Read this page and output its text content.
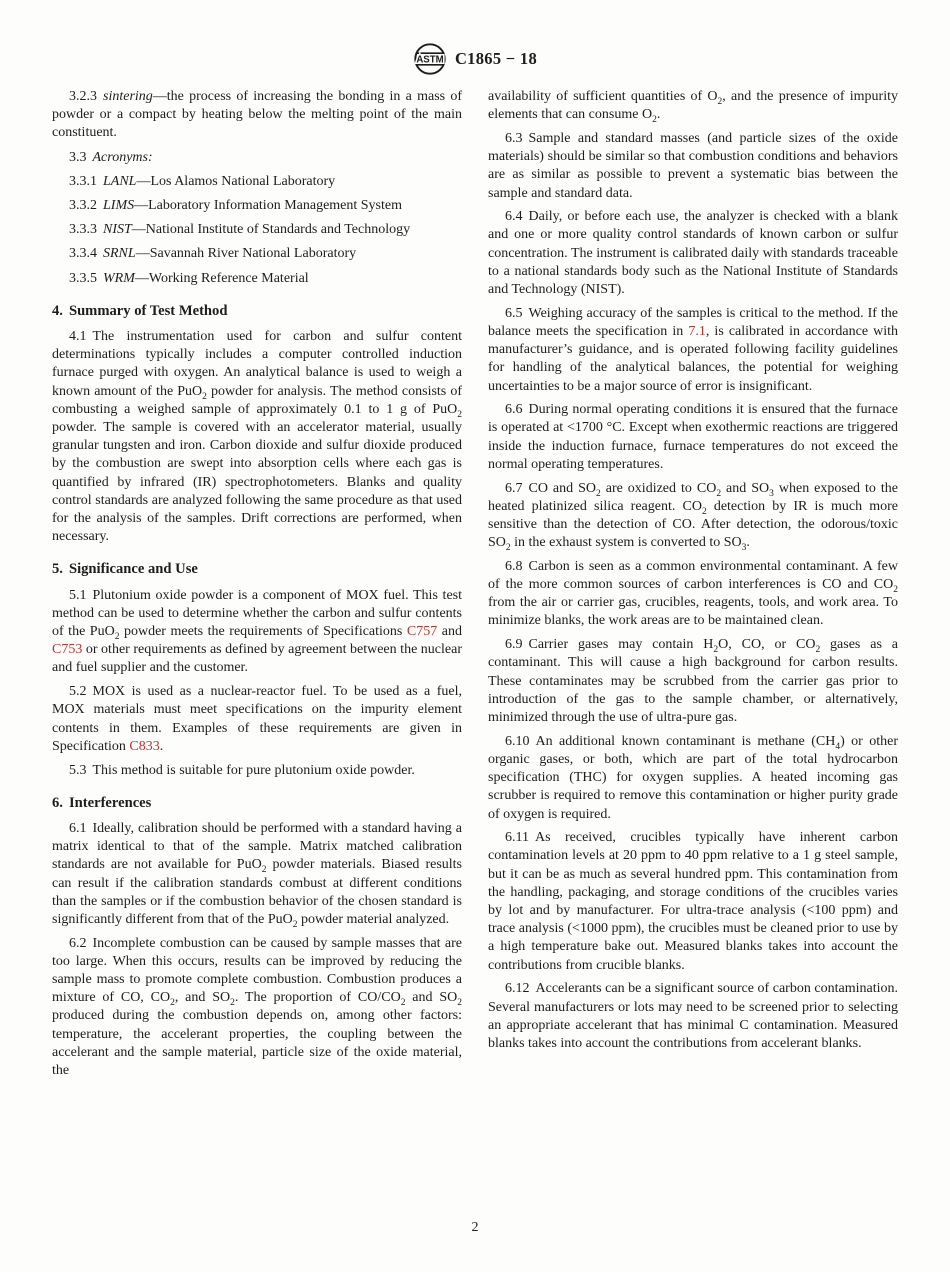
ASTM C1865 − 18

3.2.3 sintering—the process of increasing the bonding in a mass of powder or a compact by heating below the melting point of the main constituent.

3.3 Acronyms:

3.3.1 LANL—Los Alamos National Laboratory

3.3.2 LIMS—Laboratory Information Management System

3.3.3 NIST—National Institute of Standards and Technology

3.3.4 SRNL—Savannah River National Laboratory

3.3.5 WRM—Working Reference Material

4. Summary of Test Method

4.1 The instrumentation used for carbon and sulfur content determinations typically includes a computer controlled induction furnace purged with oxygen. An analytical balance is used to weigh a known amount of the PuO$_2$ powder for analysis. The method consists of combusting a weighed sample of approximately 0.1 to 1 g of PuO$_2$ powder. The sample is covered with an accelerator material, usually granular tungsten and iron. Carbon dioxide and sulfur dioxide produced by the combustion are swept into absorption cells where each gas is quantified by infrared (IR) spectrophotometers. Blanks and quality control standards are analyzed following the same procedure as that used for the analysis of the samples. Drift corrections are performed, when necessary.

5. Significance and Use

5.1 Plutonium oxide powder is a component of MOX fuel. This test method can be used to determine whether the carbon and sulfur contents of the PuO$_2$ powder meets the requirements of Specifications C757 and C753 or other requirements as defined by agreement between the nuclear and fuel supplier and the customer.

5.2 MOX is used as a nuclear-reactor fuel. To be used as a fuel, MOX materials must meet specifications on the impurity element contents in them. Examples of these requirements are given in Specification C833.

5.3 This method is suitable for pure plutonium oxide powder.

6. Interferences

6.1 Ideally, calibration should be performed with a standard having a matrix identical to that of the sample. Matrix matched calibration standards are not available for PuO$_2$ powder materials. Biased results can result if the calibration standards combust at different conditions than the samples or if the combustion behavior of the chosen standard is significantly different from that of the PuO$_2$ powder material analyzed.

6.2 Incomplete combustion can be caused by sample masses that are too large. When this occurs, results can be improved by reducing the sample mass to promote complete combustion. Combustion produces a mixture of CO, $CO_2$, and $SO_2$. The proportion of $CO/CO_2$ and $SO_2$ produced during the combustion depends on, among other factors: temperature, the accelerant properties, the coupling between the accelerant and the sample material, particle size of the oxide material, the

availability of sufficient quantities of $O_2$, and the presence of impurity elements that can consume $O_2$.

6.3 Sample and standard masses (and particle sizes of the oxide materials) should be similar so that combustion conditions and behaviors are as similar as possible to prevent a systematic bias between the sample and standard data.

6.4 Daily, or before each use, the analyzer is checked with a blank and one or more quality control standards of known carbon or sulfur concentration. The instrument is calibrated daily with standards traceable to a national standards body such as the National Institute of Standards and Technology (NIST).

6.5 Weighing accuracy of the samples is critical to the method. If the balance meets the specification in 7.1, is calibrated in accordance with manufacturer’s guidance, and is operated following facility guidelines for handling of the analytical balances, the potential for weighing uncertainties to be a major source of error is insignificant.

6.6 During normal operating conditions it is ensured that the furnace is operated at <1700 °C. Except when exothermic reactions are triggered inside the induction furnace, furnace temperatures do not exceed the normal operating temperatures.

6.7 CO and $SO_2$ are oxidized to $CO_2$ and $SO_3$ when exposed to the heated platinized silica reagent. $CO_2$ detection by IR is much more sensitive than the detection of CO. After detection, the odorous/toxic $SO_2$ in the exhaust system is converted to $SO_3$.

6.8 Carbon is seen as a common environmental contaminant. A few of the more common sources of carbon interferences is CO and $CO_2$ from the air or carrier gas, crucibles, reagents, tools, and work area. To minimize blanks, the work areas are to be maintained clean.

6.9 Carrier gases may contain $H_2O$, CO, or $CO_2$ gases as a contaminant. This will cause a high background for carbon results. These contaminates may be scrubbed from the carrier gas prior to introduction of the gas to the sample chamber, or alternatively, minimized through the use of ultra-pure gas.

6.10 An additional known contaminant is methane $(CH_4)$ or other organic gases, or both, which are part of the total hydrocarbon specification (THC) for oxygen supplies. A heated incoming gas scrubber is required to remove this contamination or higher purity grade of oxygen is required.

6.11 As received, crucibles typically have inherent carbon contamination levels at 20 ppm to 40 ppm relative to a 1 g steel sample, but it can be as much as several hundred ppm. This contamination from the handling, packaging, and storage conditions of the crucibles varies by lot and by manufacturer. For ultra-trace analysis (<100 ppm) and trace analysis (<1000 ppm), the crucibles must be cleaned prior to use by a high temperature bake out. Measured blanks takes into account the contributions from crucible blanks.

6.12 Accelerants can be a significant source of carbon contamination. Several manufacturers or lots may need to be screened prior to selecting an appropriate accelerant that has minimal C contamination. Measured blanks takes into account the contributions from accelerant blanks.

2
